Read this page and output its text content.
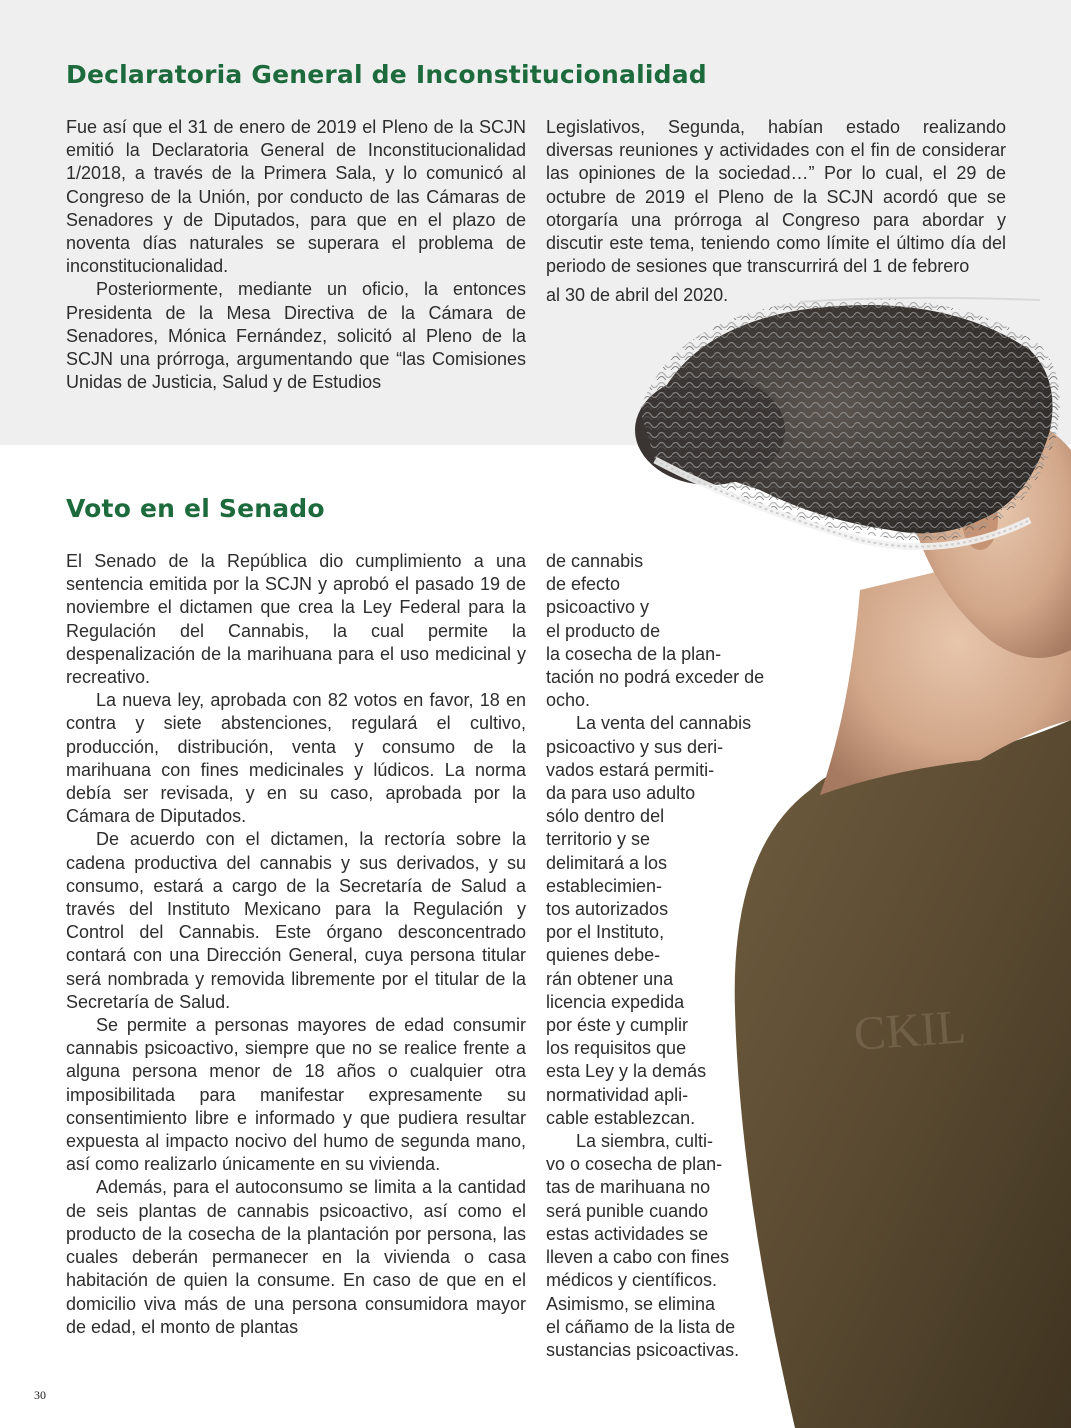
Declaratoria General de Inconstitucionalidad

Fue así que el 31 de enero de 2019 el Pleno de la SCJN emitió la Declaratoria General de Inconstitucionalidad 1/2018, a través de la Primera Sala, y lo comunicó al Congreso de la Unión, por conducto de las Cámaras de Senadores y de Diputados, para que en el plazo de noventa días naturales se superara el problema de inconstitucionalidad.

Posteriormente, mediante un oficio, la entonces Presidenta de la Mesa Directiva de la Cámara de Senadores, Mónica Fernández, solicitó al Pleno de la SCJN una prórroga, argumentando que “las Comisiones Unidas de Justicia, Salud y de Estudios

Legislativos, Segunda, habían estado realizando diversas reuniones y actividades con el fin de considerar las opiniones de la sociedad…” Por lo cual, el 29 de octubre de 2019 el Pleno de la SCJN acordó que se otorgaría una prórroga al Congreso para abordar y discutir este tema, teniendo como límite el último día del periodo de sesiones que transcurrirá del 1 de febrero

al 30 de abril del 2020.

CKIL
Voto en el Senado

El Senado de la República dio cumplimiento a una sentencia emitida por la SCJN y aprobó el pasado 19 de noviembre el dictamen que crea la Ley Federal para la Regulación del Cannabis, la cual permite la despenalización de la marihuana para el uso medicinal y recreativo.

La nueva ley, aprobada con 82 votos en favor, 18 en contra y siete abstenciones, regulará el cultivo, producción, distribución, venta y consumo de la marihuana con fines medicinales y lúdicos. La norma debía ser revisada, y en su caso, aprobada por la Cámara de Diputados.

De acuerdo con el dictamen, la rectoría sobre la cadena productiva del cannabis y sus derivados, y su consumo, estará a cargo de la Secretaría de Salud a través del Instituto Mexicano para la Regulación y Control del Cannabis. Este órgano desconcentrado contará con una Dirección General, cuya persona titular será nombrada y removida libremente por el titular de la Secretaría de Salud.

Se permite a personas mayores de edad consumir cannabis psicoactivo, siempre que no se realice frente a alguna persona menor de 18 años o cualquier otra imposibilitada para manifestar expresamente su consentimiento libre e informado y que pudiera resultar expuesta al impacto nocivo del humo de segunda mano, así como realizarlo únicamente en su vivienda.

Además, para el autoconsumo se limita a la cantidad de seis plantas de cannabis psicoactivo, así como el producto de la cosecha de la plantación por persona, las cuales deberán permanecer en la vivienda o casa habitación de quien la consume. En caso de que en el domicilio viva más de una persona consumidora mayor de edad, el monto de plantas

de cannabis
de efecto
psicoactivo y
el producto de
la cosecha de la plan-
tación no podrá exceder de
ocho.
La venta del cannabis
psicoactivo y sus deri-
vados estará permiti-
da para uso adulto
sólo dentro del
territorio y se
delimitará a los
establecimien-
tos autorizados
por el Instituto,
quienes debe-
rán obtener una
licencia expedida
por éste y cumplir
los requisitos que
esta Ley y la demás
normatividad apli-
cable establezcan.
La siembra, culti-
vo o cosecha de plan-
tas de marihuana no
será punible cuando
estas actividades se
lleven a cabo con fines
médicos y científicos.
Asimismo, se elimina
el cáñamo de la lista de
sustancias psicoactivas.
30
